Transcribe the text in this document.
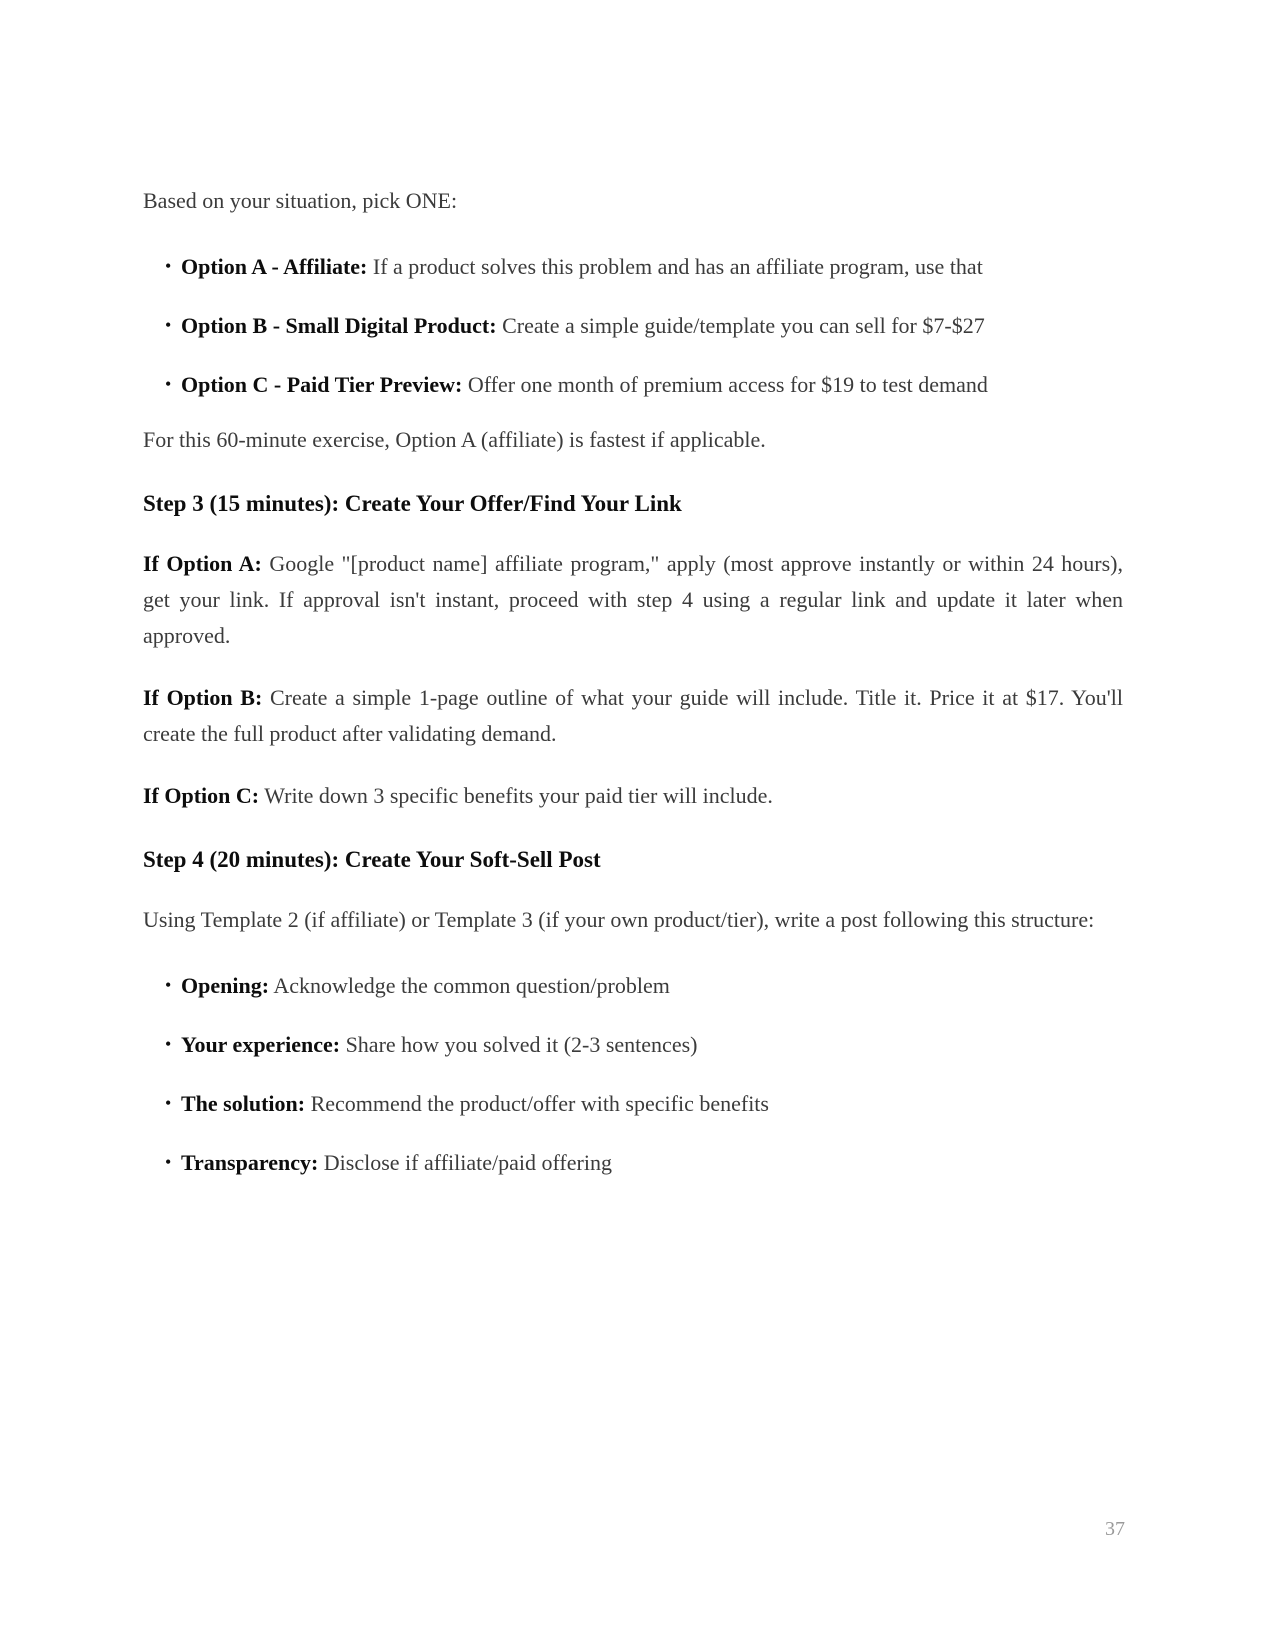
Based on your situation, pick ONE:

• Option A - Affiliate: If a product solves this problem and has an affiliate program, use that
• Option B - Small Digital Product: Create a simple guide/template you can sell for $7-$27
• Option C - Paid Tier Preview: Offer one month of premium access for $19 to test demand

For this 60-minute exercise, Option A (affiliate) is fastest if applicable.

Step 3 (15 minutes): Create Your Offer/Find Your Link

If Option A: Google "[product name] affiliate program," apply (most approve instantly or within 24 hours), get your link. If approval isn't instant, proceed with step 4 using a regular link and update it later when approved.

If Option B: Create a simple 1-page outline of what your guide will include. Title it. Price it at $17. You'll create the full product after validating demand.

If Option C: Write down 3 specific benefits your paid tier will include.

Step 4 (20 minutes): Create Your Soft-Sell Post

Using Template 2 (if affiliate) or Template 3 (if your own product/tier), write a post following this structure:

• Opening: Acknowledge the common question/problem
• Your experience: Share how you solved it (2-3 sentences)
• The solution: Recommend the product/offer with specific benefits
• Transparency: Disclose if affiliate/paid offering
37
